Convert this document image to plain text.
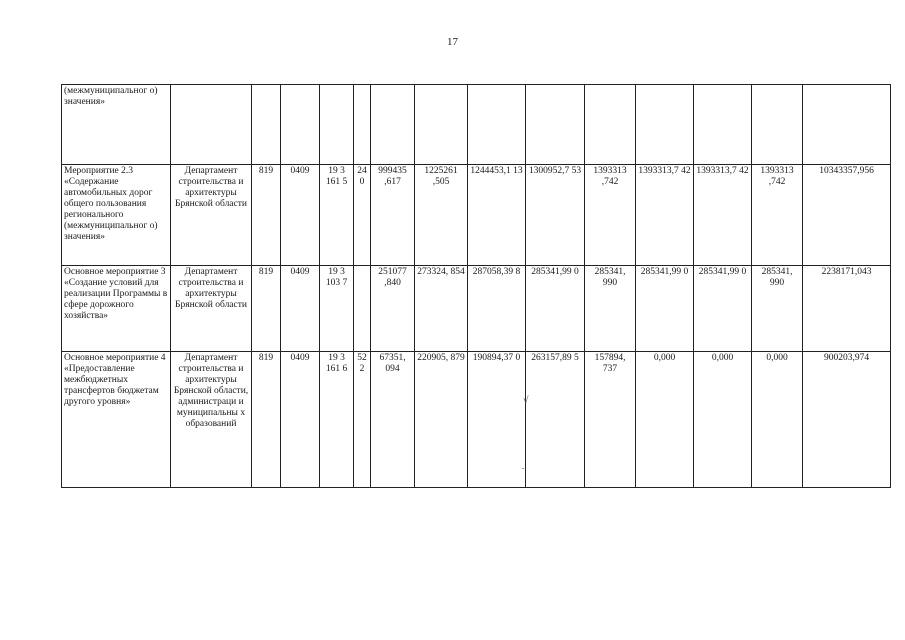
17
(межмуниципальног о) значения»														
Мероприятие 2.3 «Содержание автомобильных дорог общего пользования регионального (межмуниципальног о) значения»	Департамент строительства и архитектуры Брянской области	819	0409	19 3 161 5	24 0	999435 ,617	1225261 ,505	1244453,1 13	1300952,7 53	1393313 ,742	1393313,7 42	1393313,7 42	1393313 ,742	10343357,956
Основное мероприятие 3 «Создание условий для реализации Программы в сфере дорожного хозяйства»	Департамент строительства и архитектуры Брянской области	819	0409	19 3 103 7		251077 ,840	273324, 854	287058,39 8	285341,99 0	285341, 990	285341,99 0	285341,99 0	285341, 990	2238171,043
Основное мероприятие 4 «Предоставление межбюджетных трансфертов бюджетам другого уровня»	Департамент строительства и архитектуры Брянской области, администраци и муниципальны х образований	819	0409	19 3 161 6	52 2	67351, 094	220905, 879	190894,37 0	263157,89 5	157894, 737	0,000	0,000	0,000	900203,974
√
